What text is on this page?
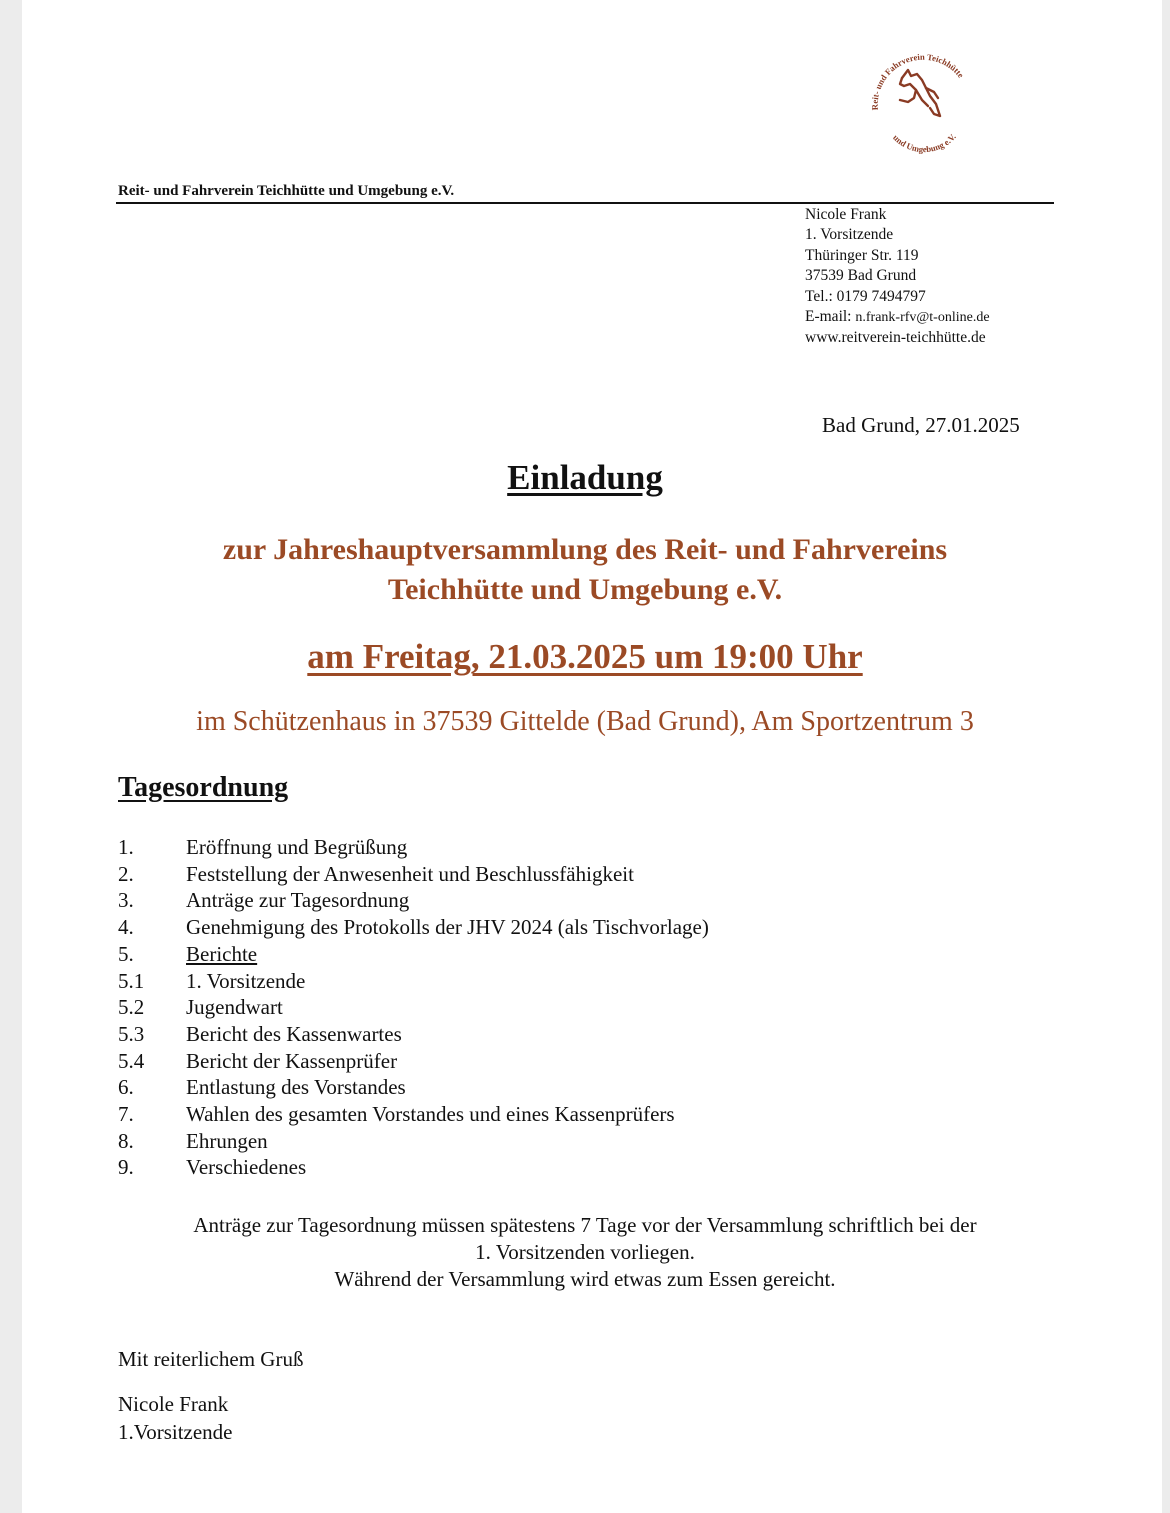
Reit- und Fahrverein Teichhütte
und Umgebung e.V.
Reit- und Fahrverein Teichhütte und Umgebung e.V.
Nicole Frank
1. Vorsitzende
Thüringer Str. 119
37539 Bad Grund
Tel.: 0179 7494797
E-mail: n.frank-rfv@t-online.de
www.reitverein-teichhütte.de
Bad Grund, 27.01.2025
Einladung
zur Jahreshauptversammlung des Reit- und Fahrvereins
Teichhütte und Umgebung e.V.
am Freitag, 21.03.2025 um 19:00 Uhr
im Schützenhaus in 37539 Gittelde (Bad Grund), Am Sportzentrum 3
Tagesordnung
1.	Eröffnung und Begrüßung
2.	Feststellung der Anwesenheit und Beschlussfähigkeit
3.	Anträge zur Tagesordnung
4.	Genehmigung des Protokolls der JHV 2024 (als Tischvorlage)
5.	Berichte
5.1	1. Vorsitzende
5.2	Jugendwart
5.3	Bericht des Kassenwartes
5.4	Bericht der Kassenprüfer
6.	Entlastung des Vorstandes
7.	Wahlen des gesamten Vorstandes und eines Kassenprüfers
8.	Ehrungen
9.	Verschiedenes
Anträge zur Tagesordnung müssen spätestens 7 Tage vor der Versammlung schriftlich bei der
1. Vorsitzenden vorliegen.
Während der Versammlung wird etwas zum Essen gereicht.
Mit reiterlichem Gruß
Nicole Frank
1.Vorsitzende
